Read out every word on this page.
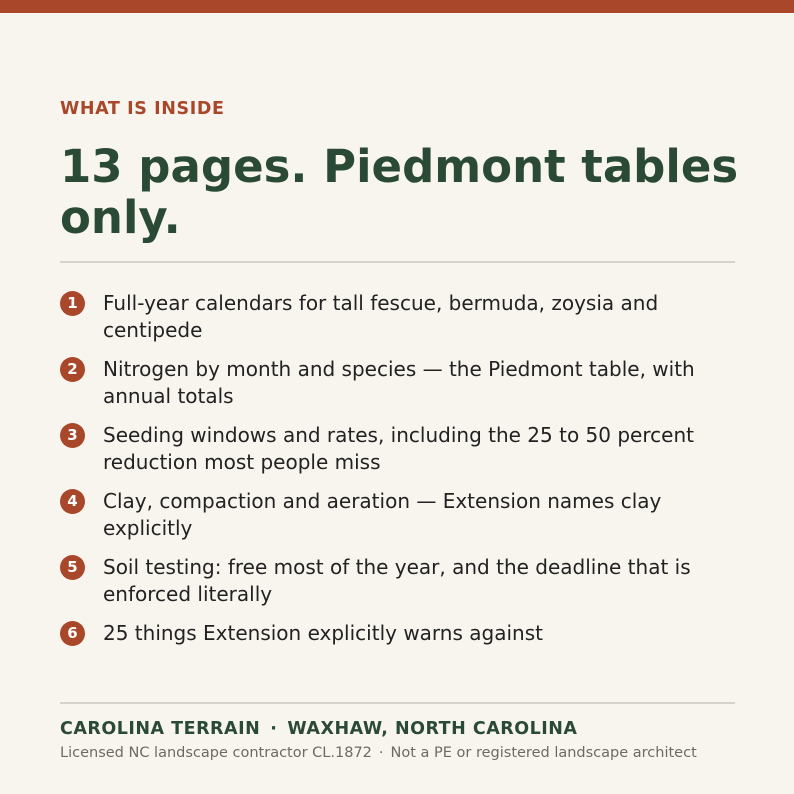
WHAT IS INSIDE

13 pages. Piedmont tables only.
1	Full-year calendars for tall fescue, bermuda, zoysia and centipede
2	Nitrogen by month and species — the Piedmont table, with annual totals
3	Seeding windows and rates, including the 25 to 50 percent reduction most people miss
4	Clay, compaction and aeration — Extension names clay explicitly
5	Soil testing: free most of the year, and the deadline that is enforced literally
6	25 things Extension explicitly warns against

CAROLINA TERRAIN · WAXHAW, NORTH CAROLINA

Licensed NC landscape contractor CL.1872 · Not a PE or registered landscape architect
